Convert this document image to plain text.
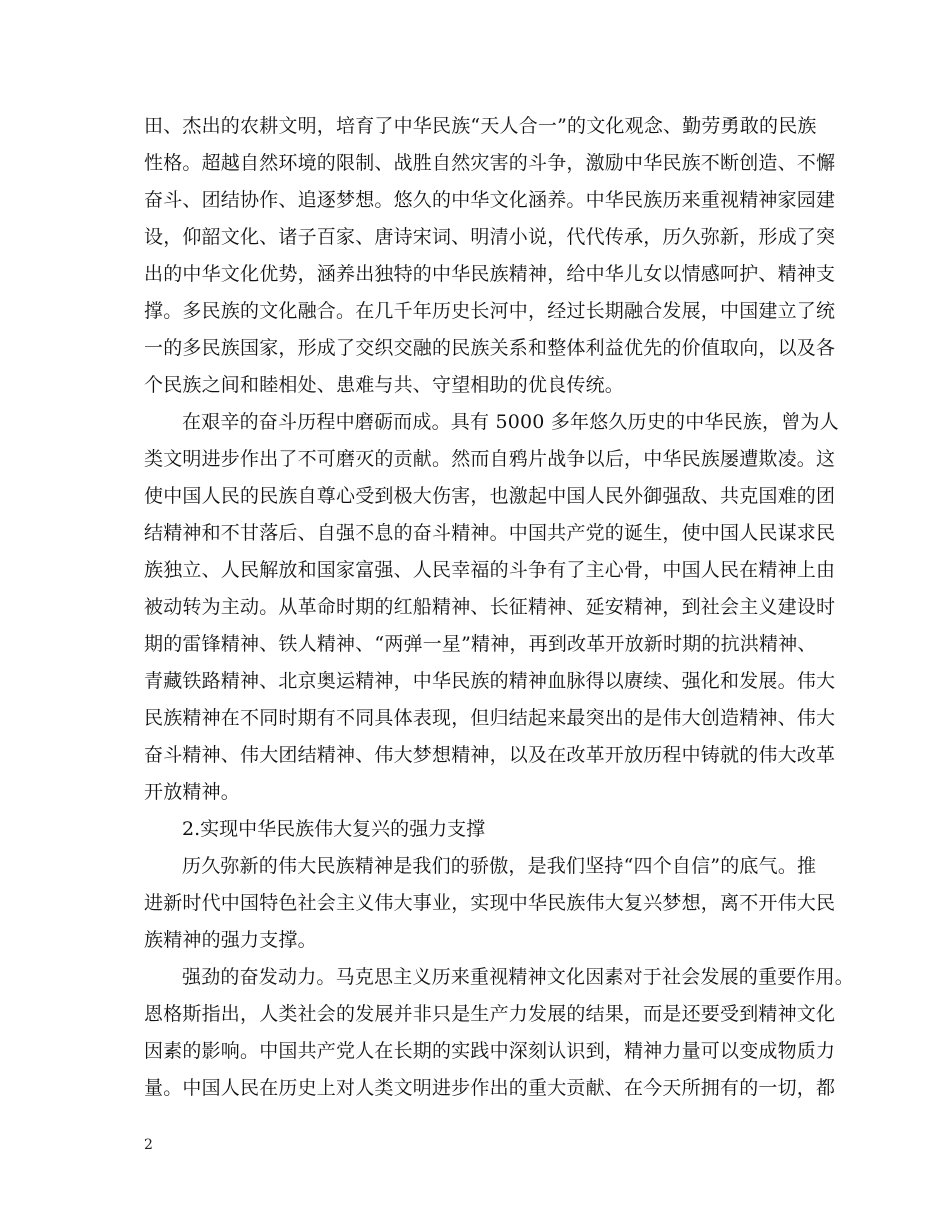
田、杰出的农耕文明，培育了中华民族“天人合一”的文化观念、勤劳勇敢的民族
性格。超越自然环境的限制、战胜自然灾害的斗争，激励中华民族不断创造、不懈
奋斗、团结协作、追逐梦想。悠久的中华文化涵养。中华民族历来重视精神家园建
设，仰韶文化、诸子百家、唐诗宋词、明清小说，代代传承，历久弥新，形成了突
出的中华文化优势，涵养出独特的中华民族精神，给中华儿女以情感呵护、精神支
撑。多民族的文化融合。在几千年历史长河中，经过长期融合发展，中国建立了统
一的多民族国家，形成了交织交融的民族关系和整体利益优先的价值取向，以及各
个民族之间和睦相处、患难与共、守望相助的优良传统。
在艰辛的奋斗历程中磨砺而成。具有 5000 多年悠久历史的中华民族，曾为人
类文明进步作出了不可磨灭的贡献。然而自鸦片战争以后，中华民族屡遭欺凌。这
使中国人民的民族自尊心受到极大伤害，也激起中国人民外御强敌、共克国难的团
结精神和不甘落后、自强不息的奋斗精神。中国共产党的诞生，使中国人民谋求民
族独立、人民解放和国家富强、人民幸福的斗争有了主心骨，中国人民在精神上由
被动转为主动。从革命时期的红船精神、长征精神、延安精神，到社会主义建设时
期的雷锋精神、铁人精神、“两弹一星”精神，再到改革开放新时期的抗洪精神、
青藏铁路精神、北京奥运精神，中华民族的精神血脉得以赓续、强化和发展。伟大
民族精神在不同时期有不同具体表现，但归结起来最突出的是伟大创造精神、伟大
奋斗精神、伟大团结精神、伟大梦想精神，以及在改革开放历程中铸就的伟大改革
开放精神。
2.实现中华民族伟大复兴的强力支撑
历久弥新的伟大民族精神是我们的骄傲，是我们坚持“四个自信”的底气。推
进新时代中国特色社会主义伟大事业，实现中华民族伟大复兴梦想，离不开伟大民
族精神的强力支撑。
强劲的奋发动力。马克思主义历来重视精神文化因素对于社会发展的重要作用。
恩格斯指出，人类社会的发展并非只是生产力发展的结果，而是还要受到精神文化
因素的影响。中国共产党人在长期的实践中深刻认识到，精神力量可以变成物质力
量。中国人民在历史上对人类文明进步作出的重大贡献、在今天所拥有的一切，都
2
